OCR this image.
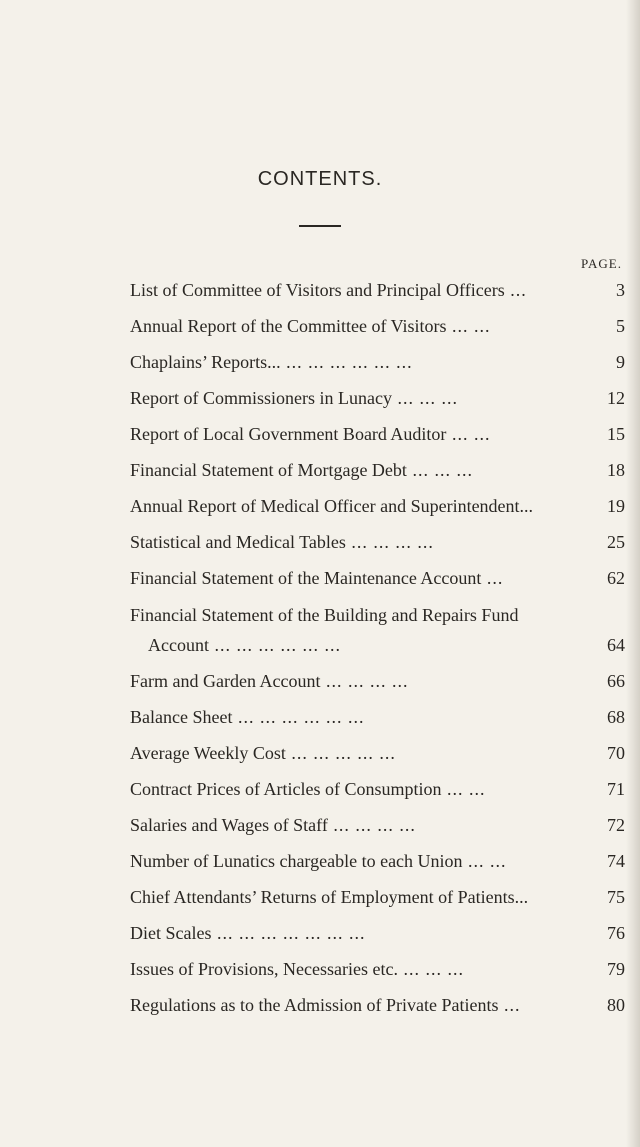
CONTENTS.
PAGE.
List of Committee of Visitors and Principal Officers ...	3
Annual Report of the Committee of Visitors ... ...	5
Chaplains’ Reports... ... ... ... ... ... ...	9
Report of Commissioners in Lunacy ... ... ...	12
Report of Local Government Board Auditor ... ...	15
Financial Statement of Mortgage Debt ... ... ...	18
Annual Report of Medical Officer and Superintendent...	19
Statistical and Medical Tables ... ... ... ...	25
Financial Statement of the Maintenance Account ...	62
Financial Statement of the Building and Repairs Fund
Account ... ... ... ... ... ...	64
Farm and Garden Account ... ... ... ...	66
Balance Sheet ... ... ... ... ... ...	68
Average Weekly Cost ... ... ... ... ...	70
Contract Prices of Articles of Consumption ... ...	71
Salaries and Wages of Staff ... ... ... ...	72
Number of Lunatics chargeable to each Union ... ...	74
Chief Attendants’ Returns of Employment of Patients...	75
Diet Scales ... ... ... ... ... ... ...	76
Issues of Provisions, Necessaries etc. ... ... ...	79
Regulations as to the Admission of Private Patients ...	80
